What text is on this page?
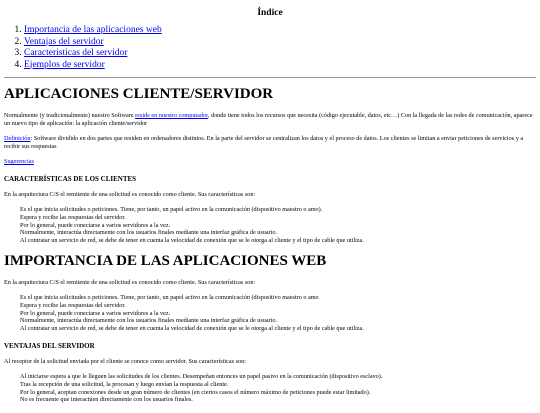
Índice
1. Importancia de las aplicaciones web
2. Ventajas del servidor
3. Caracteristicas del servidor
4. Ejemplos de servidor
APLICACIONES CLIENTE/SERVIDOR

Normalmente (y tradicionalmente) nuestro Software reside en nuestro computador, donde tiene todos los recursos que necesita (código ejecutable, datos, etc…) Con la llegada de las redes de comunicación, aparece un nuevo tipo de aplicación: la aplicación cliente/servidor

Definición: Software dividido en dos partes que residen en ordenadores distintos. En la parte del servidor se centralizan los datos y el proceso de datos. Los clientes se limitan a enviar peticiones de servicios y a recibir sus respuestas

Sugerencias

CARACTERÍSTICAS DE LOS CLIENTES

En la arquitectura C/S el remitente de una solicitud es conocido como cliente. Sus características son:

Es el que inicia solicitudes o peticiones. Tiene, por tanto, un papel activo en la comunicación (dispositivo maestro o amo).
Espera y recibe las respuestas del servidor.
Por lo general, puede conectarse a varios servidores a la vez.
Normalmente, interactúa directamente con los usuarios finales mediante una interfaz gráfica de usuario.
Al contratar un servicio de red, se debe de tener en cuenta la velocidad de conexión que se le otorga al cliente y el tipo de cable que utiliza.
IMPORTANCIA DE LAS APLICACIONES WEB

En la arquitectura C/S el remitente de una solicitud es conocido como cliente. Sus características son:

Es el que inicia solicitudes o peticiones. Tiene, por tanto, un papel activo en la comunicación (dispositivo maestro o amo
Espera y recibe las respuestas del servidor.
Por lo general, puede conectarse a varios servidores a la vez.
Normalmente, interactúa directamente con los usuarios finales mediante una interfaz gráfica de usuario.
Al contratar un servicio de red, se debe de tener en cuenta la velocidad de conexión que se le otorga al cliente y el tipo de cable que utiliza.
VENTAJAS DEL SERVIDOR

Al receptor de la solicitud enviada por el cliente se conoce como servidor. Sus características son:

Al iniciarse espera a que le lleguen las solicitudes de los clientes. Desempeñan entonces un papel pasivo en la comunicación (dispositivo esclavo).
Tras la recepción de una solicitud, la procesan y luego envían la respuesta al cliente.
Por lo general, aceptan conexiones desde un gran número de clientes (en ciertos casos el número máximo de peticiones puede estar limitado).
No es frecuente que interactúen directamente con los usuarios finales.
